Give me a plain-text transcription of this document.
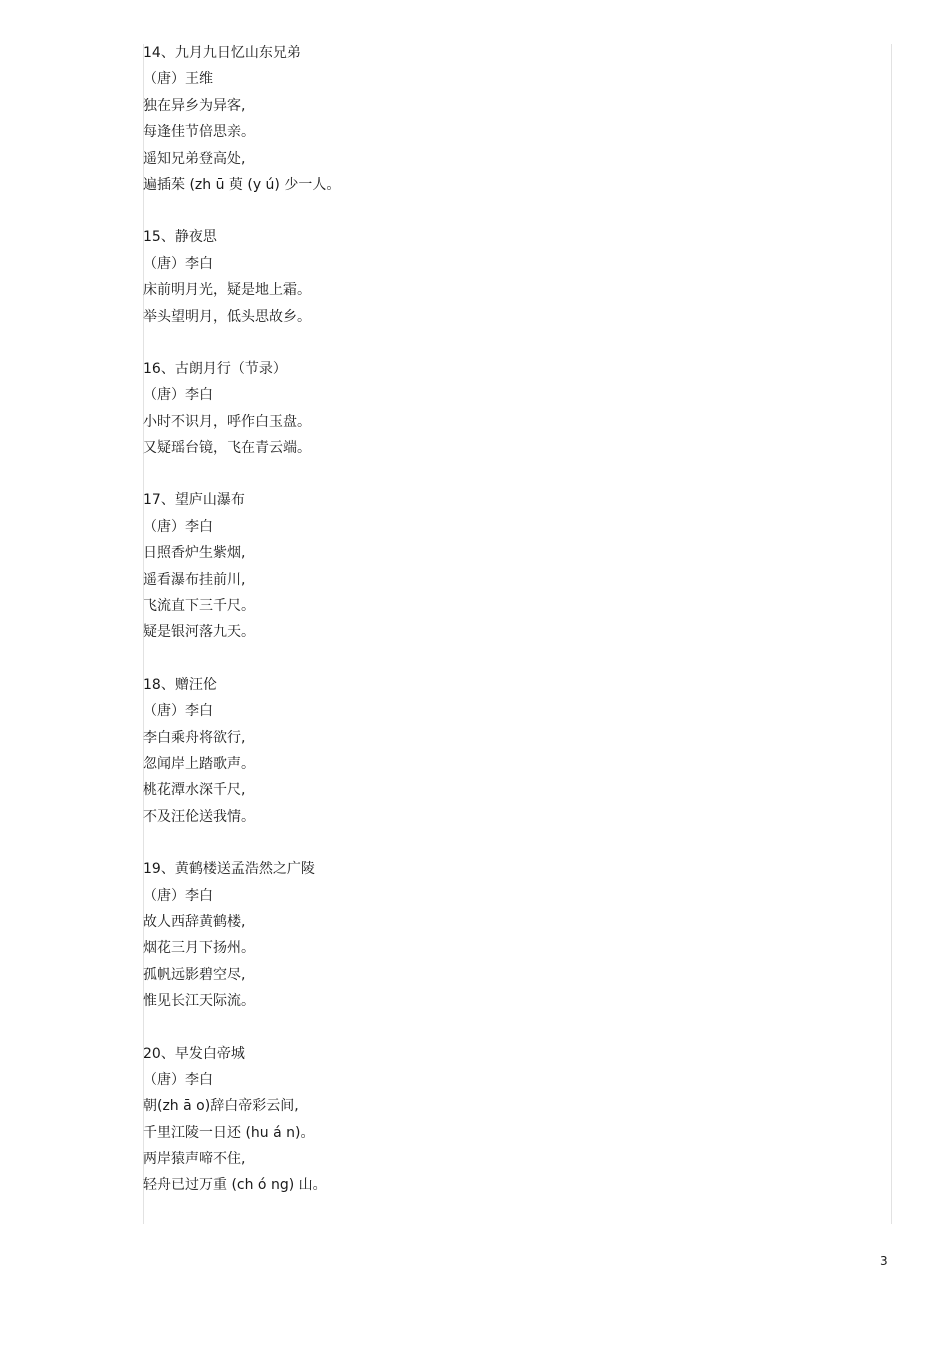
14、九月九日忆山东兄弟
（唐）王维
独在异乡为异客,
每逢佳节倍思亲。
遥知兄弟登高处,
遍插茱 (zh ū 萸 (y ú) 少一人。
15、静夜思
（唐）李白
床前明月光，疑是地上霜。
举头望明月，低头思故乡。
16、古朗月行（节录）
（唐）李白
小时不识月，呼作白玉盘。
又疑瑶台镜，飞在青云端。
17、望庐山瀑布
（唐）李白
日照香炉生紫烟,
遥看瀑布挂前川,
飞流直下三千尺。
疑是银河落九天。
18、赠汪伦
（唐）李白
李白乘舟将欲行,
忽闻岸上踏歌声。
桃花潭水深千尺,
不及汪伦送我情。
19、黄鹤楼送孟浩然之广陵
（唐）李白
故人西辞黄鹤楼,
烟花三月下扬州。
孤帆远影碧空尽,
惟见长江天际流。
20、早发白帝城
（唐）李白
朝(zh ā o)辞白帝彩云间,
千里江陵一日还 (hu á n)。
两岸猿声啼不住,
轻舟已过万重 (ch ó ng) 山。
3
